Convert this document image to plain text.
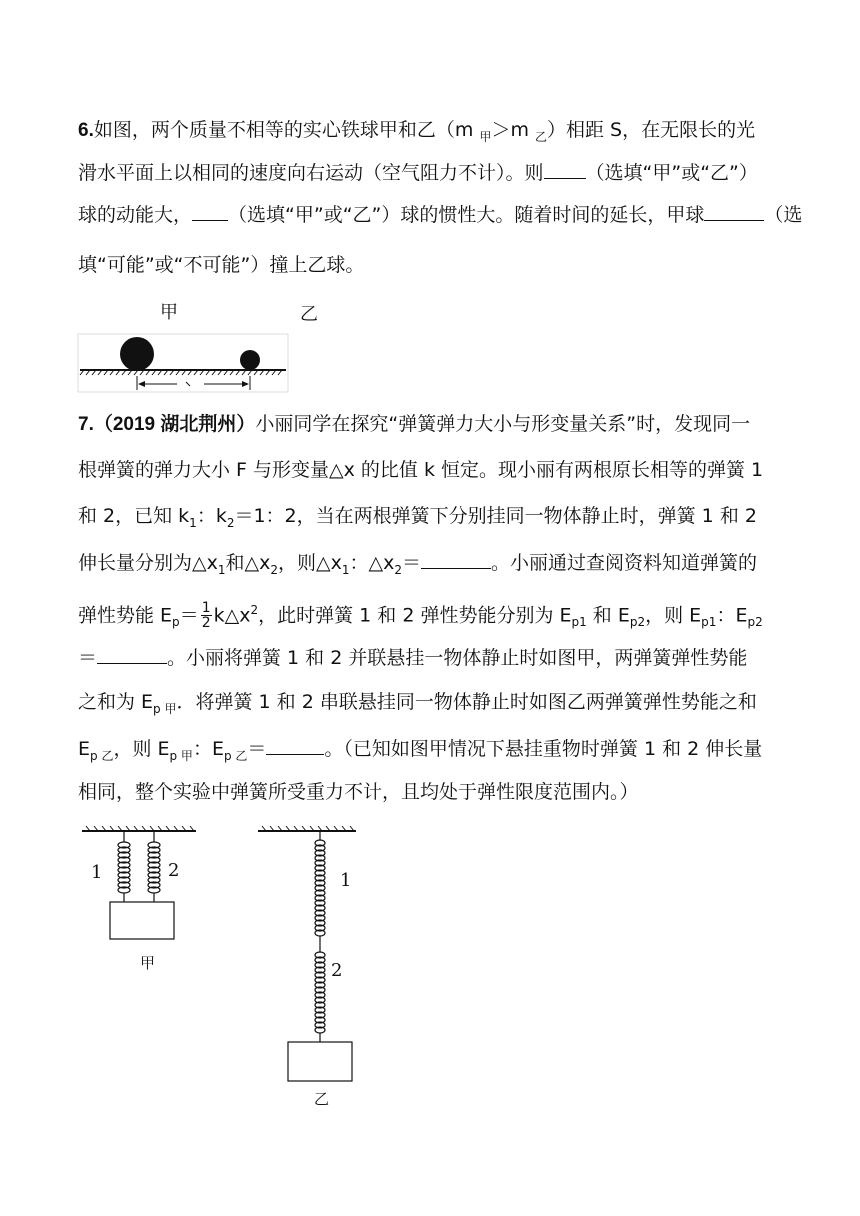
6.如图，两个质量不相等的实心铁球甲和乙（m $_甲$＞m $_乙$）相距 S，在无限长的光
滑水平面上以相同的速度向右运动（空气阻力不计）。则 （选填“甲”或“乙”）
球的动能大， （选填“甲”或“乙”）球的惯性大。随着时间的延长，甲球	（选
填“可能”或“不可能”）撞上乙球。
甲	乙
7.（2019 湖北荆州）小丽同学在探究“弹簧弹力大小与形变量关系”时，发现同一
根弹簧的弹力大小 F 与形变量△x 的比值 k 恒定。现小丽有两根原长相等的弹簧 1
和 2，已知 $k_1$：$k_2=1$：2，当在两根弹簧下分别挂同一物体静止时，弹簧 1 和 2
伸长量分别为$\triangle x_1$和$\triangle x_2$，则$\triangle x_1$：$\triangle x_2=$	。小丽通过查阅资料知道弹簧的
弹性势能 $E_p= \frac{1}{2}$ $k\triangle x^2$，此时弹簧 1 和 2 弹性势能分别为 $E_{p1}$ 和 $E_{p2}$，则 $E_{p1}$：$E_{p2}$
＝	。小丽将弹簧 1 和 2 并联悬挂一物体静止时如图甲，两弹簧弹性势能
之和为 $E_{p 甲}$．将弹簧 1 和 2 串联悬挂同一物体静止时如图乙两弹簧弹性势能之和
$E_{p 乙}$，则 $E_{p 甲}$：$E_{p 乙}=$	。（已知如图甲情况下悬挂重物时弹簧 1 和 2 伸长量
相同，整个实验中弹簧所受重力不计，且均处于弹性限度范围内。）
1	2
甲
1
2
乙
